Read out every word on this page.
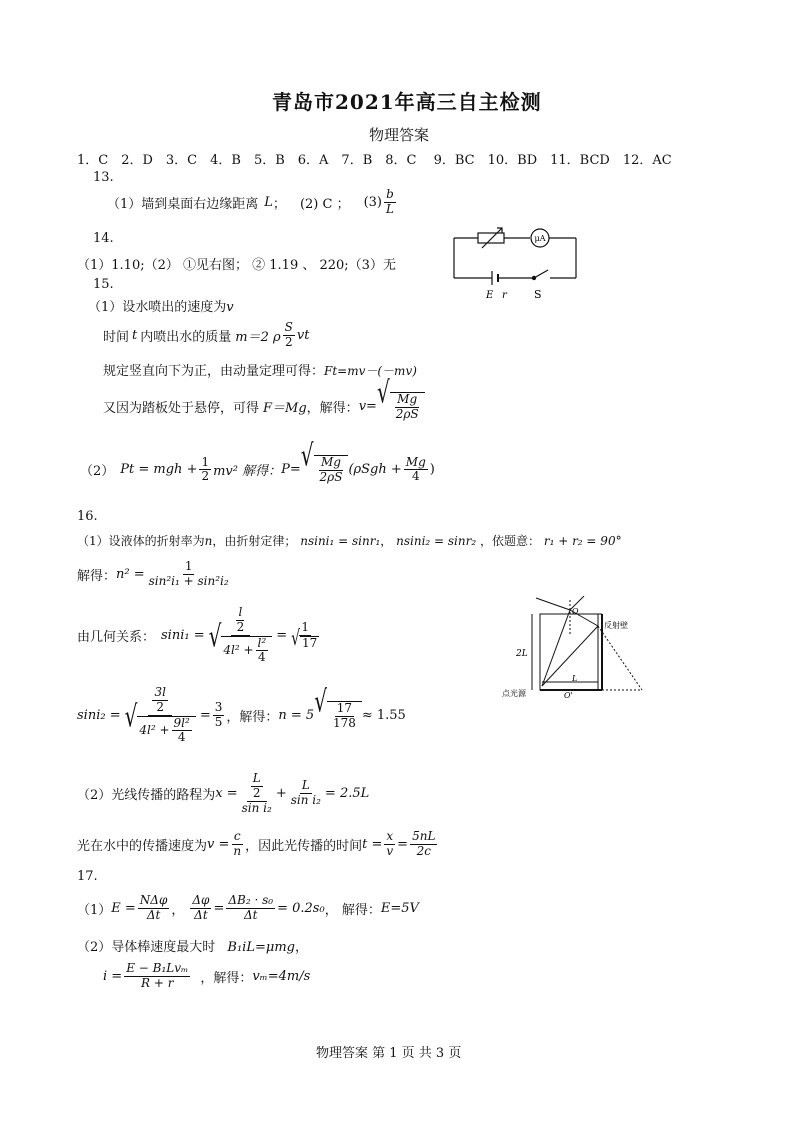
青岛市2021年高三自主检测
物理答案
1．C　2．D　3．C　4．B　5．B　6．A　7．B　8．C　 9．BC　10．BD　11．BCD　12．AC
13.
（1）墙到桌面右边缘距离 L ； (2) C ； $(3) \frac{b}{L}$
14.
（1）1.10;（2） ①见右图； ② 1.19 、 220;（3）无
μA
E r S
15.
（1）设水喷出的速度为v
时间 t 内喷出水的质量 m＝2 ρ $\frac{S}{2}$ vt
规定竖直向下为正，由动量定理可得：Ft=mv－(－mv)
又因为踏板处于悬停，可得 F＝Mg ，解得： v= √ $\frac{Mg}{2\rho S}$
（2） Pt = mgh + $\frac{1}{2} mv^2$ 解得： P= √ $\frac{Mg}{2\rho S} (\rho Sgh + \frac{Mg}{4}$ )
16.
（1）设液体的折射率为n，由折射定律； nsini₁ = sinr₁， nsini₂ = sinr₂ ，依题意： r₁ + r₂ = 90°
解得： $n^2 = \frac{1}{\text{sin²i₁ + sin²i₂}}$
由几何关系： $\sin i_1 = \frac{\frac{l}{2}}{√ 4l^2 + \frac{\text{l²}}{4}} = \frac{1}{√ 17}$
$\sin i_2 = \frac{\frac{3l}{2}}{√ 4l^2 + \frac{\text{9l²}}{4}} = \frac{3}{5}$ ，解得： n = 5 √ $\frac{17}{178} \approx 1.55$
2L
L
O
O'
反射壁
点光源
（2）光线传播的路程为 $x = \frac{\frac{L}{2}}{\text{sin i₂}} + \frac{L}{\text{sin i₂}} = 2.5L$
光在水中的传播速度为 $v = \frac{c}{n}$ ，因此光传播的时间 $t = \frac{x}{v} = \frac{5nL}{2c}$
17.
（1） $E = \frac{\text{NΔφ}}{\Delta t}$ ， $\frac{\Delta\varphi}{\Delta t} = \frac{\text{ΔB₂ · s₀}}{\Delta t} = 0.2s_0$ ， 解得： E=5V
（2）导体棒速度最大时 B₁iL=μmg，
$i = \frac{\text{E − B₁Lvₘ}}{R + r}$ ，解得： vₘ=4m/s
物理答案 第 1 页 共 3 页
